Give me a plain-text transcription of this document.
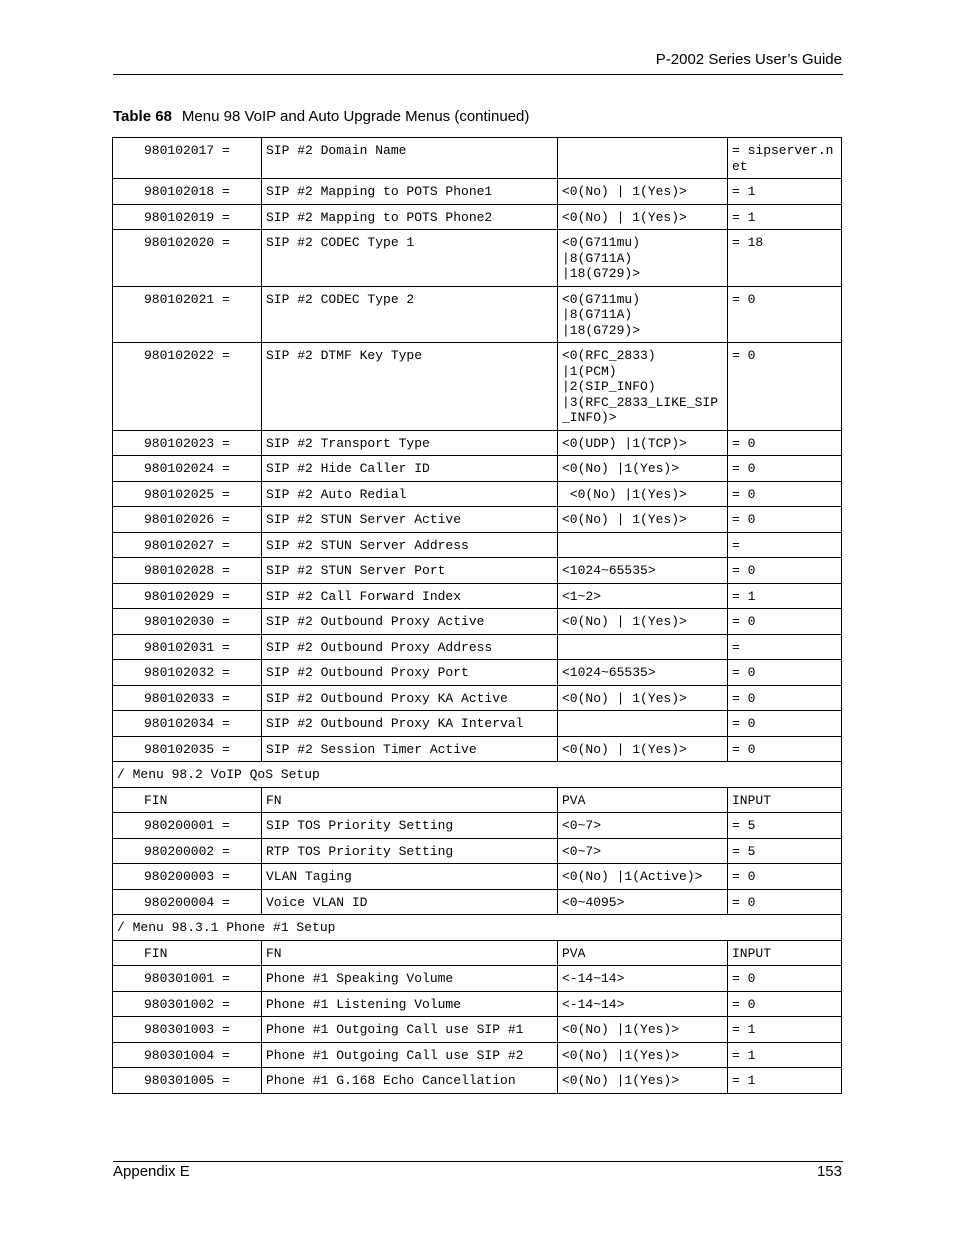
P-2002 Series User’s Guide
Table 68 Menu 98 VoIP and Auto Upgrade Menus (continued)
980102017 =	SIP #2 Domain Name		= sipserver.net
980102018 =	SIP #2 Mapping to POTS Phone1	<0(No) | 1(Yes)>	= 1
980102019 =	SIP #2 Mapping to POTS Phone2	<0(No) | 1(Yes)>	= 1
980102020 =	SIP #2 CODEC Type 1	<0(G711mu)
|8(G711A)
|18(G729)>	= 18
980102021 =	SIP #2 CODEC Type 2	<0(G711mu)
|8(G711A)
|18(G729)>	= 0
980102022 =	SIP #2 DTMF Key Type	<0(RFC_2833)
|1(PCM)
|2(SIP_INFO)
|3(RFC_2833_LIKE_SIP_INFO)>	= 0
980102023 =	SIP #2 Transport Type	<0(UDP) |1(TCP)>	= 0
980102024 =	SIP #2 Hide Caller ID	<0(No) |1(Yes)>	= 0
980102025 =	SIP #2 Auto Redial	<0(No) |1(Yes)>	= 0
980102026 =	SIP #2 STUN Server Active	<0(No) | 1(Yes)>	= 0
980102027 =	SIP #2 STUN Server Address		=
980102028 =	SIP #2 STUN Server Port	<1024~65535>	= 0
980102029 =	SIP #2 Call Forward Index	<1~2>	= 1
980102030 =	SIP #2 Outbound Proxy Active	<0(No) | 1(Yes)>	= 0
980102031 =	SIP #2 Outbound Proxy Address		=
980102032 =	SIP #2 Outbound Proxy Port	<1024~65535>	= 0
980102033 =	SIP #2 Outbound Proxy KA Active	<0(No) | 1(Yes)>	= 0
980102034 =	SIP #2 Outbound Proxy KA Interval		= 0
980102035 =	SIP #2 Session Timer Active	<0(No) | 1(Yes)>	= 0
/ Menu 98.2 VoIP QoS Setup			
FIN	FN	PVA	INPUT
980200001 =	SIP TOS Priority Setting	<0~7>	= 5
980200002 =	RTP TOS Priority Setting	<0~7>	= 5
980200003 =	VLAN Taging	<0(No) |1(Active)>	= 0
980200004 =	Voice VLAN ID	<0~4095>	= 0
/ Menu 98.3.1 Phone #1 Setup			
FIN	FN	PVA	INPUT
980301001 =	Phone #1 Speaking Volume	<-14~14>	= 0
980301002 =	Phone #1 Listening Volume	<-14~14>	= 0
980301003 =	Phone #1 Outgoing Call use SIP #1	<0(No) |1(Yes)>	= 1
980301004 =	Phone #1 Outgoing Call use SIP #2	<0(No) |1(Yes)>	= 1
980301005 =	Phone #1 G.168 Echo Cancellation	<0(No) |1(Yes)>	= 1
Appendix E	153
